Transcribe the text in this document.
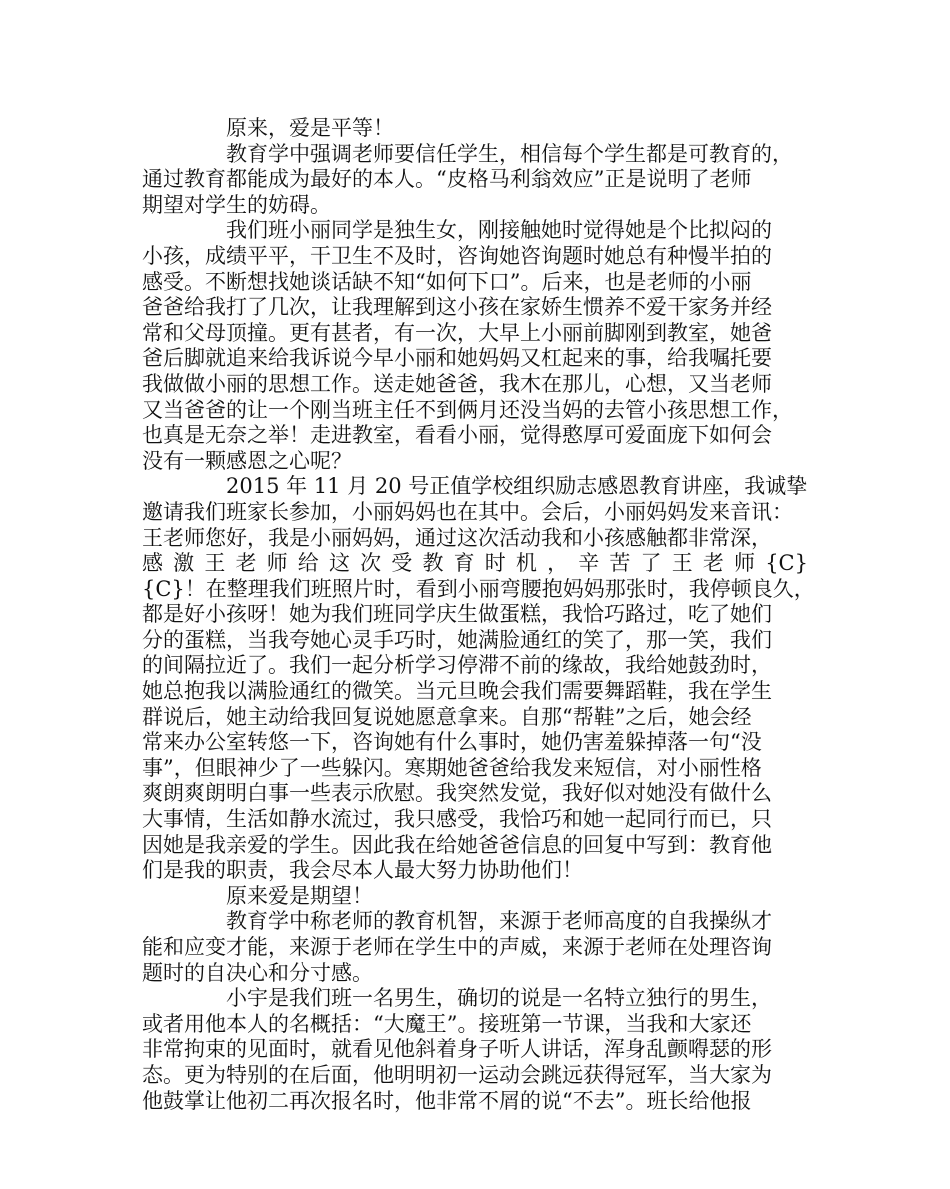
原来，爱是平等！
教育学中强调老师要信任学生，相信每个学生都是可教育的，
通过教育都能成为最好的本人。“皮格马利翁效应”正是说明了老师
期望对学生的妨碍。
我们班小丽同学是独生女，刚接触她时觉得她是个比拟闷的
小孩，成绩平平，干卫生不及时，咨询她咨询题时她总有种慢半拍的
感受。不断想找她谈话缺不知“如何下口”。后来，也是老师的小丽
爸爸给我打了几次，让我理解到这小孩在家娇生惯养不爱干家务并经
常和父母顶撞。更有甚者，有一次，大早上小丽前脚刚到教室，她爸
爸后脚就追来给我诉说今早小丽和她妈妈又杠起来的事，给我嘱托要
我做做小丽的思想工作。送走她爸爸，我木在那儿，心想，又当老师
又当爸爸的让一个刚当班主任不到俩月还没当妈的去管小孩思想工作，
也真是无奈之举！走进教室，看看小丽，觉得憨厚可爱面庞下如何会
没有一颗感恩之心呢？
2015 年 11 月 20 号正值学校组织励志感恩教育讲座，我诚挚
邀请我们班家长参加，小丽妈妈也在其中。会后，小丽妈妈发来音讯：
王老师您好，我是小丽妈妈，通过这次活动我和小孩感触都非常深，
感激王老师给这次受教育时机，辛苦了王老师{C}
{C}！在整理我们班照片时，看到小丽弯腰抱妈妈那张时，我停顿良久，
都是好小孩呀！她为我们班同学庆生做蛋糕，我恰巧路过，吃了她们
分的蛋糕，当我夸她心灵手巧时，她满脸通红的笑了，那一笑，我们
的间隔拉近了。我们一起分析学习停滞不前的缘故，我给她鼓劲时，
她总抱我以满脸通红的微笑。当元旦晚会我们需要舞蹈鞋，我在学生
群说后，她主动给我回复说她愿意拿来。自那“帮鞋”之后，她会经
常来办公室转悠一下，咨询她有什么事时，她仍害羞躲掉落一句“没
事”，但眼神少了一些躲闪。寒期她爸爸给我发来短信，对小丽性格
爽朗爽朗明白事一些表示欣慰。我突然发觉，我好似对她没有做什么
大事情，生活如静水流过，我只感受，我恰巧和她一起同行而已，只
因她是我亲爱的学生。因此我在给她爸爸信息的回复中写到：教育他
们是我的职责，我会尽本人最大努力协助他们！
原来爱是期望！
教育学中称老师的教育机智，来源于老师高度的自我操纵才
能和应变才能，来源于老师在学生中的声威，来源于老师在处理咨询
题时的自决心和分寸感。
小宇是我们班一名男生，确切的说是一名特立独行的男生，
或者用他本人的名概括：“大魔王”。接班第一节课，当我和大家还
非常拘束的见面时，就看见他斜着身子听人讲话，浑身乱颤嘚瑟的形
态。更为特别的在后面，他明明初一运动会跳远获得冠军，当大家为
他鼓掌让他初二再次报名时，他非常不屑的说“不去”。班长给他报
